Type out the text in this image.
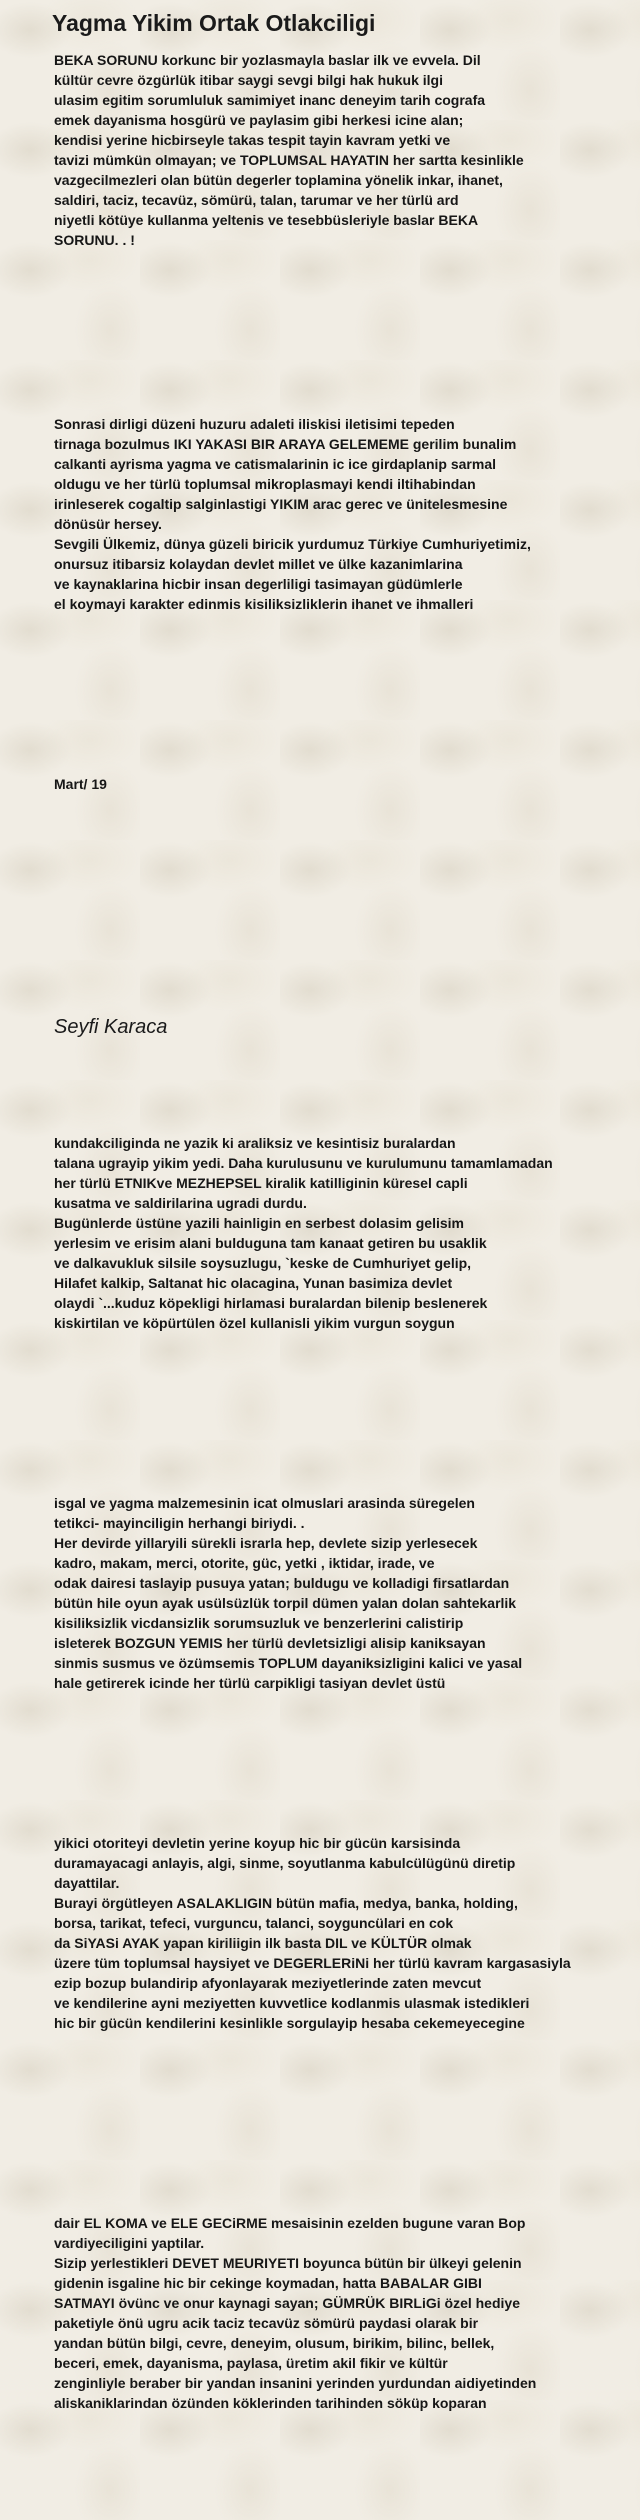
Yagma Yikim Ortak Otlakciligi

BEKA SORUNU korkunc bir yozlasmayla baslar ilk ve evvela. Dil
kültür cevre özgürlük itibar saygi sevgi bilgi hak hukuk ilgi
ulasim egitim sorumluluk samimiyet inanc deneyim tarih cografa
emek dayanisma hosgürü ve paylasim gibi herkesi icine alan;
kendisi yerine hicbirseyle takas tespit tayin kavram yetki ve
tavizi mümkün olmayan; ve TOPLUMSAL HAYATIN her sartta kesinlikle
vazgecilmezleri olan bütün degerler toplamina yönelik inkar, ihanet,
saldiri, taciz, tecavüz, sömürü, talan, tarumar ve her türlü ard
niyetli kötüye kullanma yeltenis ve tesebbüsleriyle baslar BEKA
SORUNU. . !

Sonrasi dirligi düzeni huzuru adaleti iliskisi iletisimi tepeden
tirnaga bozulmus IKI YAKASI BIR ARAYA GELEMEME gerilim bunalim
calkanti ayrisma yagma ve catismalarinin ic ice girdaplanip sarmal
oldugu ve her türlü toplumsal mikroplasmayi kendi iltihabindan
irinleserek cogaltip salginlastigi YIKIM arac gerec ve ünitelesmesine
dönüsür hersey.
Sevgili Ülkemiz, dünya güzeli biricik yurdumuz Türkiye Cumhuriyetimiz,
onursuz itibarsiz kolaydan devlet millet ve ülke kazanimlarina
ve kaynaklarina hicbir insan degerliligi tasimayan güdümlerle
el koymayi karakter edinmis kisiliksizliklerin ihanet ve ihmalleri

Mart/ 19

Seyfi Karaca

kundakciliginda ne yazik ki araliksiz ve kesintisiz buralardan
talana ugrayip yikim yedi. Daha kurulusunu ve kurulumunu tamamlamadan
her türlü ETNIKve MEZHEPSEL kiralik katilliginin küresel capli
kusatma ve saldirilarina ugradi durdu.
Bugünlerde üstüne yazili hainligin en serbest dolasim gelisim
yerlesim ve erisim alani bulduguna tam kanaat getiren bu usaklik
ve dalkavukluk silsile soysuzlugu, `keske de Cumhuriyet gelip,
Hilafet kalkip, Saltanat hic olacagina, Yunan basimiza devlet
olaydi `...kuduz köpekligi hirlamasi buralardan bilenip beslenerek
kiskirtilan ve köpürtülen özel kullanisli yikim vurgun soygun

isgal ve yagma malzemesinin icat olmuslari arasinda süregelen
tetikci- mayinciligin herhangi biriydi. .
Her devirde yillaryili sürekli israrla hep, devlete sizip yerlesecek
kadro, makam, merci, otorite, güc, yetki , iktidar, irade, ve
odak dairesi taslayip pusuya yatan; buldugu ve kolladigi firsatlardan
bütün hile oyun ayak usülsüzlük torpil dümen yalan dolan sahtekarlik
kisiliksizlik vicdansizlik sorumsuzluk ve benzerlerini calistirip
isleterek BOZGUN YEMIS her türlü devletsizligi alisip kaniksayan
sinmis susmus ve özümsemis TOPLUM dayaniksizligini kalici ve yasal
hale getirerek icinde her türlü carpikligi tasiyan devlet üstü

yikici otoriteyi devletin yerine koyup hic bir gücün karsisinda
duramayacagi anlayis, algi, sinme, soyutlanma kabulcülügünü diretip
dayattilar.
Burayi örgütleyen ASALAKLIGIN bütün mafia, medya, banka, holding,
borsa, tarikat, tefeci, vurguncu, talanci, soyguncülari en cok
da SiYASi AYAK yapan kiriliigin ilk basta DIL ve KÜLTÜR olmak
üzere tüm toplumsal haysiyet ve DEGERLERiNi her türlü kavram kargasasiyla
ezip bozup bulandirip afyonlayarak meziyetlerinde zaten mevcut
ve kendilerine ayni meziyetten kuvvetlice kodlanmis ulasmak istedikleri
hic bir gücün kendilerini kesinlikle sorgulayip hesaba cekemeyecegine

dair EL KOMA ve ELE GECiRME mesaisinin ezelden bugune varan Bop
vardiyeciligini yaptilar.
Sizip yerlestikleri DEVET MEURIYETI boyunca bütün bir ülkeyi gelenin
gidenin isgaline hic bir cekinge koymadan, hatta BABALAR GIBI
SATMAYI övünc ve onur kaynagi sayan; GÜMRÜK BIRLiGi özel hediye
paketiyle önü ugru acik taciz tecavüz sömürü paydasi olarak bir
yandan bütün bilgi, cevre, deneyim, olusum, birikim, bilinc, bellek,
beceri, emek, dayanisma, paylasa, üretim akil fikir ve kültür
zenginliyle beraber bir yandan insanini yerinden yurdundan aidiyetinden
aliskaniklarindan özünden köklerinden tarihinden söküp koparan
